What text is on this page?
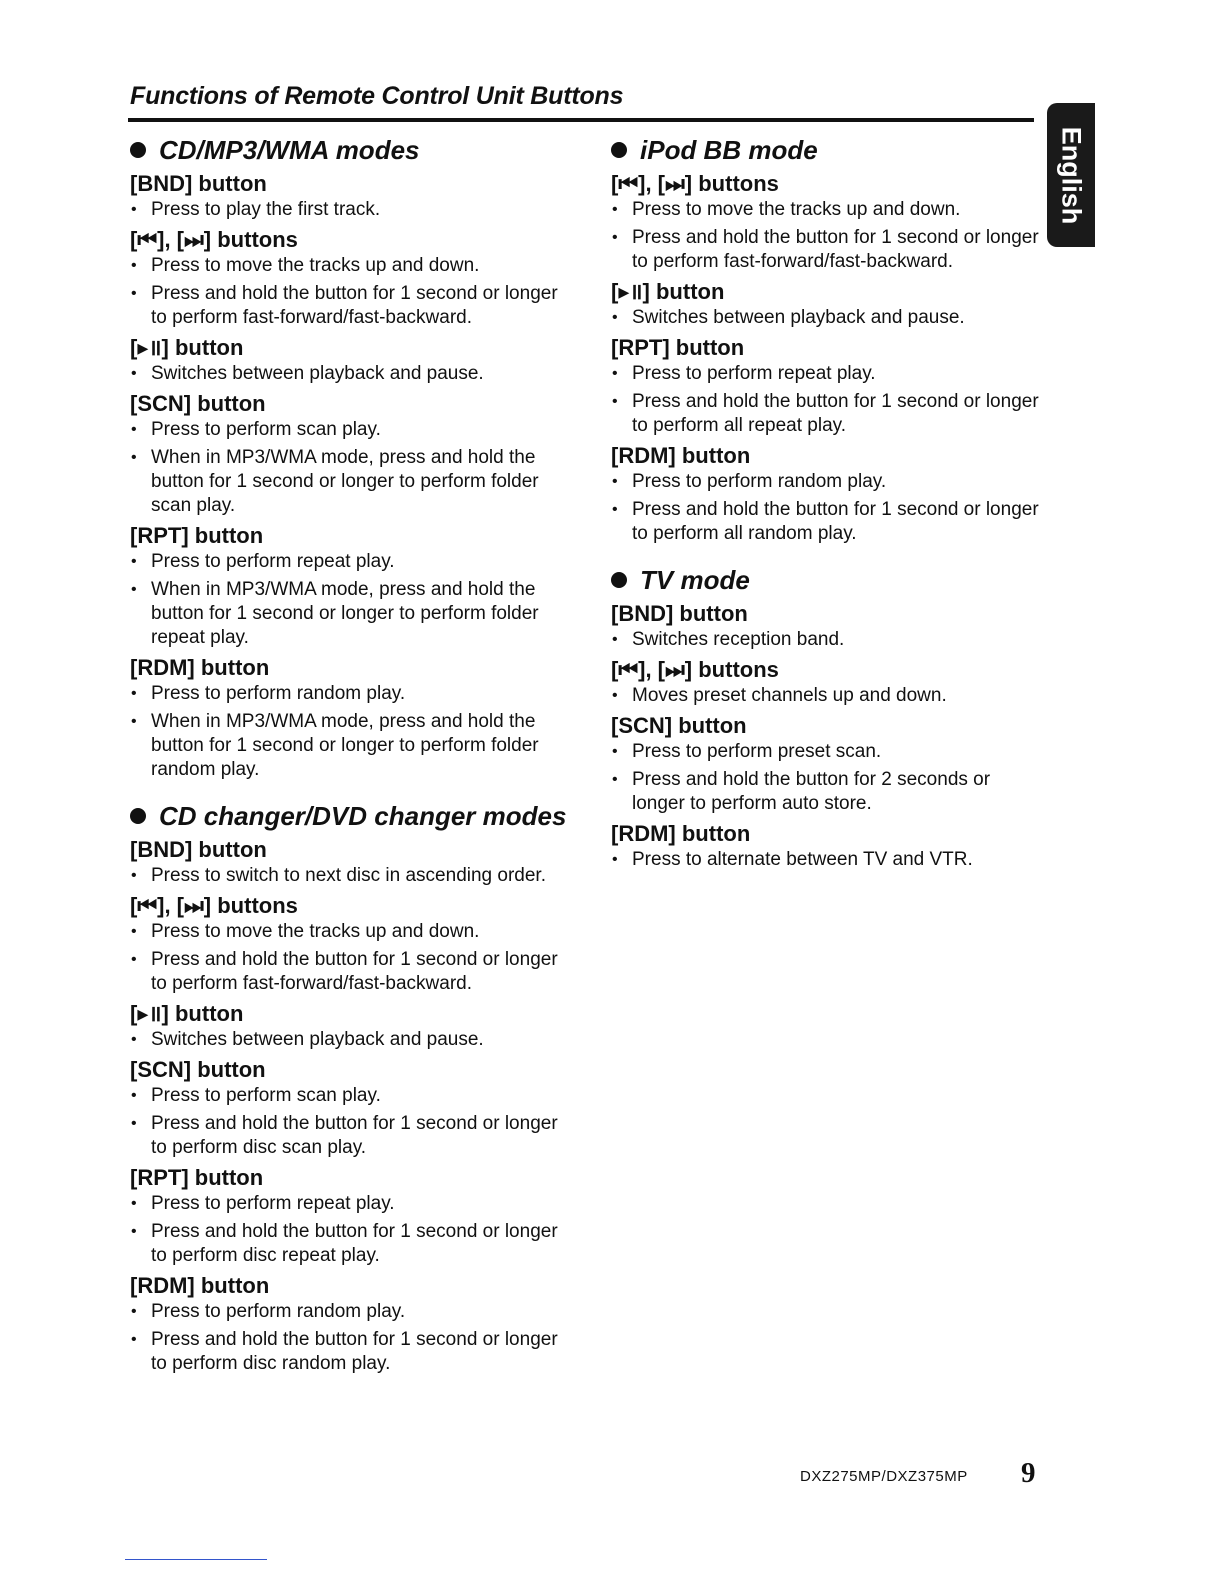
Functions of Remote Control Unit Buttons
English
CD/MP3/WMA modes
[BND] button
• Press to play the first track.
[⏮], [⏭] buttons
• Press to move the tracks up and down.
• Press and hold the button for 1 second or longer to perform fast-forward/fast-backward.
[▸॥] button
• Switches between playback and pause.
[SCN] button
• Press to perform scan play.
• When in MP3/WMA mode, press and hold the button for 1 second or longer to perform folder scan play.
[RPT] button
• Press to perform repeat play.
• When in MP3/WMA mode, press and hold the button for 1 second or longer to perform folder repeat play.
[RDM] button
• Press to perform random play.
• When in MP3/WMA mode, press and hold the button for 1 second or longer to perform folder random play.
CD changer/DVD changer modes
[BND] button
• Press to switch to next disc in ascending order.
[⏮], [⏭] buttons
• Press to move the tracks up and down.
• Press and hold the button for 1 second or longer to perform fast-forward/fast-backward.
[▸॥] button
• Switches between playback and pause.
[SCN] button
• Press to perform scan play.
• Press and hold the button for 1 second or longer to perform disc scan play.
[RPT] button
• Press to perform repeat play.
• Press and hold the button for 1 second or longer to perform disc repeat play.
[RDM] button
• Press to perform random play.
• Press and hold the button for 1 second or longer to perform disc random play.
iPod BB mode
[⏮], [⏭] buttons
• Press to move the tracks up and down.
• Press and hold the button for 1 second or longer to perform fast-forward/fast-backward.
[▸॥] button
• Switches between playback and pause.
[RPT] button
• Press to perform repeat play.
• Press and hold the button for 1 second or longer to perform all repeat play.
[RDM] button
• Press to perform random play.
• Press and hold the button for 1 second or longer to perform all random play.
TV mode
[BND] button
• Switches reception band.
[⏮], [⏭] buttons
• Moves preset channels up and down.
[SCN] button
• Press to perform preset scan.
• Press and hold the button for 2 seconds or longer to perform auto store.
[RDM] button
• Press to alternate between TV and VTR.
DXZ275MP/DXZ375MP 9
